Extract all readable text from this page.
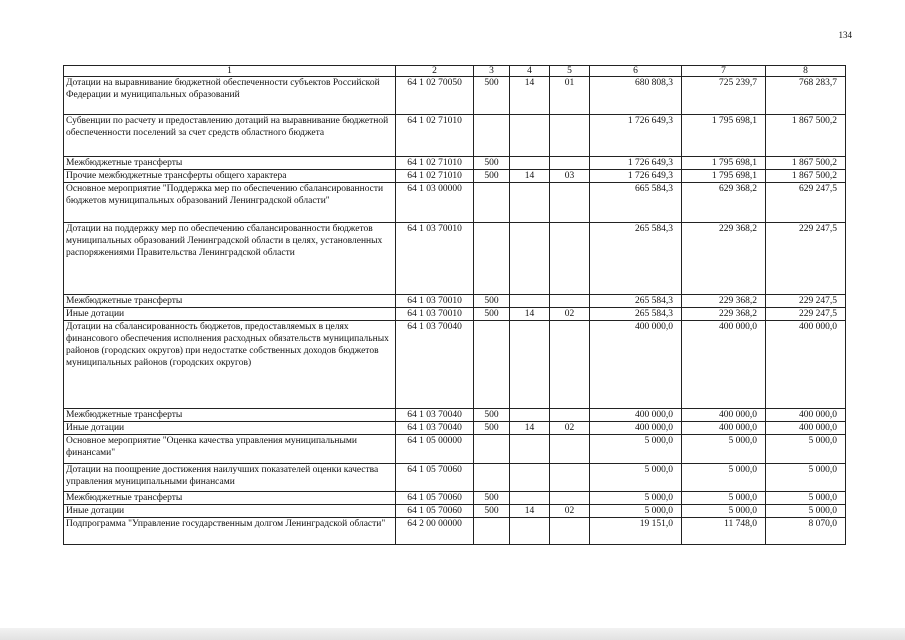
134
1	2	3	4	5	6	7	8
Дотации на выравнивание бюджетной обеспеченности субъектов Российской Федерации и муниципальных образований	64 1 02 70050	500	14	01	680 808,3	725 239,7	768 283,7
Субвенции по расчету и предоставлению дотаций на выравнивание бюджетной обеспеченности поселений за счет средств областного бюджета	64 1 02 71010				1 726 649,3	1 795 698,1	1 867 500,2
Межбюджетные трансферты	64 1 02 71010	500			1 726 649,3	1 795 698,1	1 867 500,2
Прочие межбюджетные трансферты общего характера	64 1 02 71010	500	14	03	1 726 649,3	1 795 698,1	1 867 500,2
Основное мероприятие "Поддержка мер по обеспечению сбалансированности бюджетов муниципальных образований Ленинградской области"	64 1 03 00000				665 584,3	629 368,2	629 247,5
Дотации на поддержку мер по обеспечению сбалансированности бюджетов муниципальных образований Ленинградской области в целях, установленных распоряжениями Правительства Ленинградской области	64 1 03 70010				265 584,3	229 368,2	229 247,5
Межбюджетные трансферты	64 1 03 70010	500			265 584,3	229 368,2	229 247,5
Иные дотации	64 1 03 70010	500	14	02	265 584,3	229 368,2	229 247,5
Дотации на сбалансированность бюджетов, предоставляемых в целях финансового обеспечения исполнения расходных обязательств муниципальных районов (городских округов) при недостатке собственных доходов бюджетов муниципальных районов (городских округов)	64 1 03 70040				400 000,0	400 000,0	400 000,0
Межбюджетные трансферты	64 1 03 70040	500			400 000,0	400 000,0	400 000,0
Иные дотации	64 1 03 70040	500	14	02	400 000,0	400 000,0	400 000,0
Основное мероприятие "Оценка качества управления муниципальными финансами"	64 1 05 00000				5 000,0	5 000,0	5 000,0
Дотации на поощрение достижения наилучших показателей оценки качества управления муниципальными финансами	64 1 05 70060				5 000,0	5 000,0	5 000,0
Межбюджетные трансферты	64 1 05 70060	500			5 000,0	5 000,0	5 000,0
Иные дотации	64 1 05 70060	500	14	02	5 000,0	5 000,0	5 000,0
Подпрограмма "Управление государственным долгом Ленинградской области"	64 2 00 00000				19 151,0	11 748,0	8 070,0
